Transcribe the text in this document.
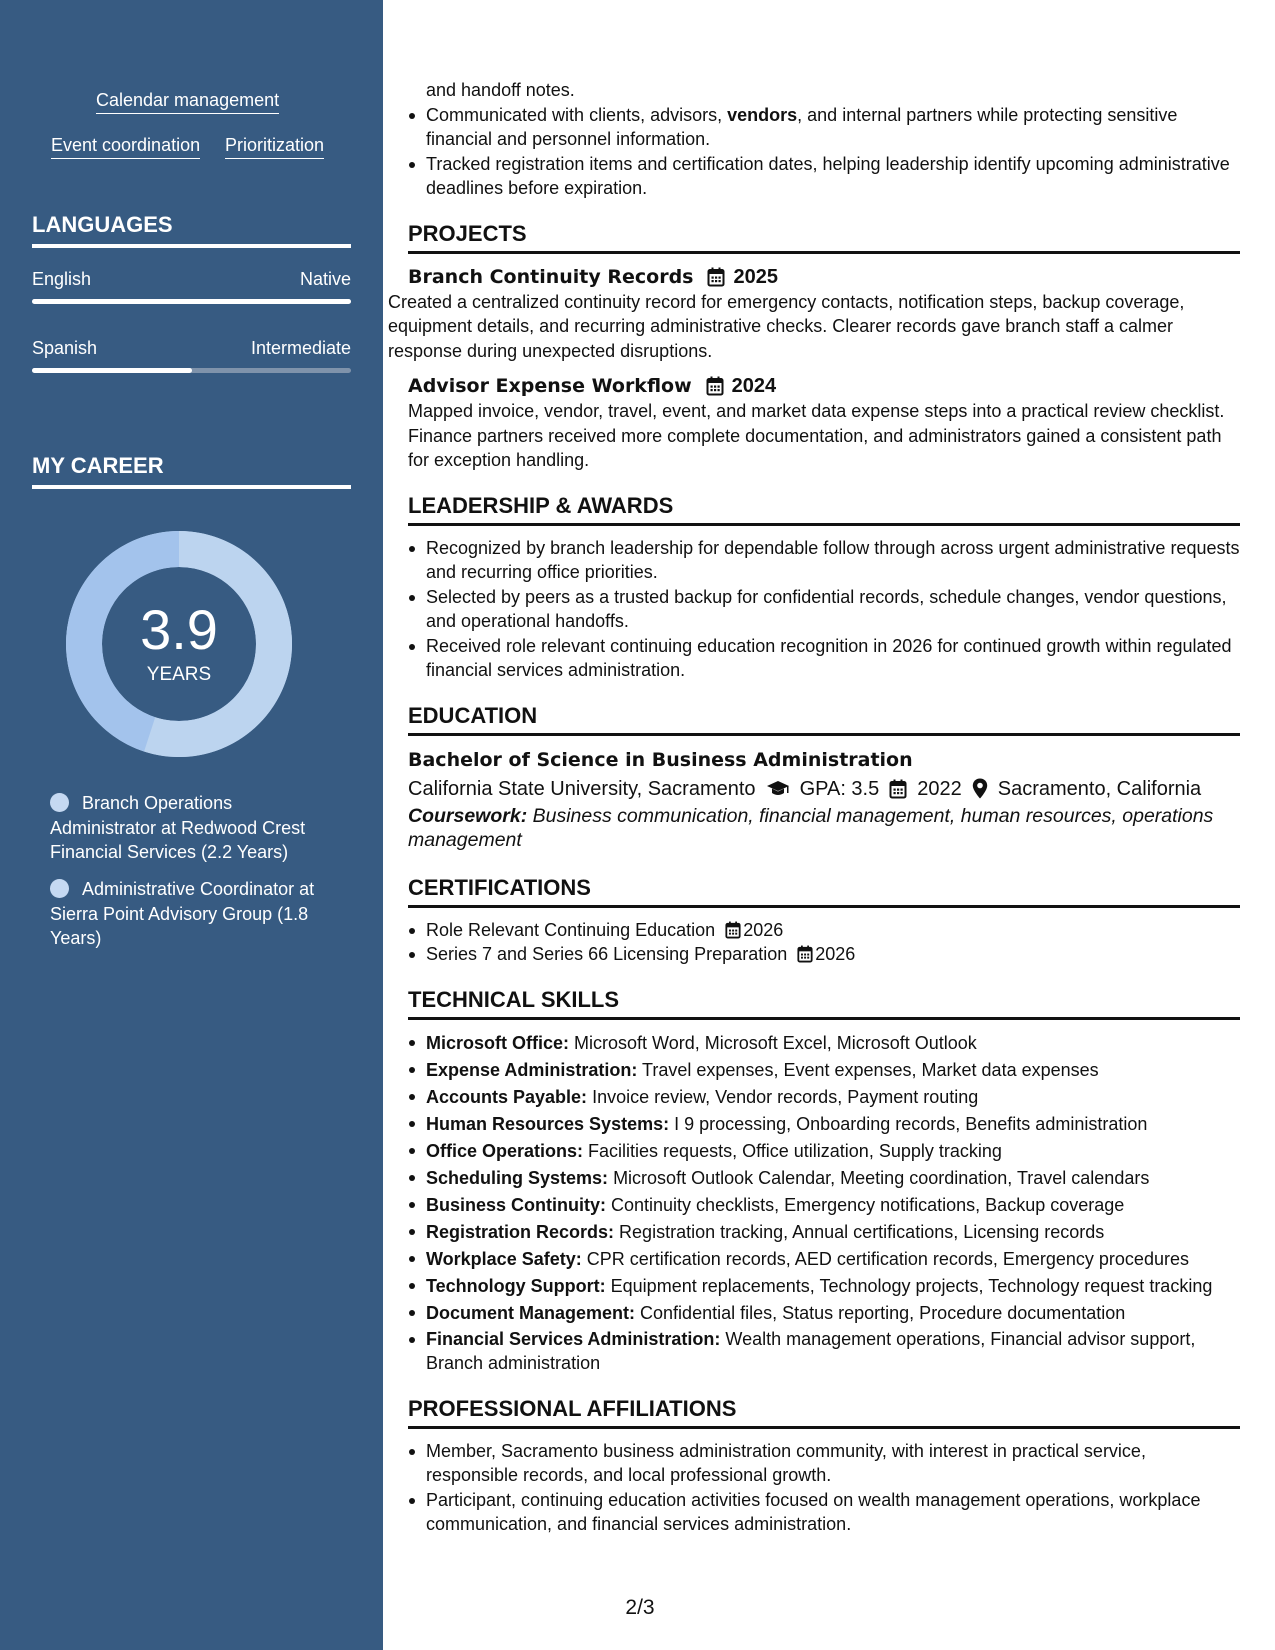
Calendar management
Event coordination Prioritization
LANGUAGES
English	Native
Spanish	Intermediate
MY CAREER
3.9
YEARS
Branch Operations Administrator at Redwood Crest Financial Services (2.2 Years)
Administrative Coordinator at Sierra Point Advisory Group (1.8 Years)
and handoff notes.
Communicated with clients, advisors, vendors, and internal partners while protecting sensitive financial and personnel information.
Tracked registration items and certification dates, helping leadership identify upcoming administrative deadlines before expiration.
PROJECTS
Branch Continuity Records 2025
Created a centralized continuity record for emergency contacts, notification steps, backup coverage, equipment details, and recurring administrative checks. Clearer records gave branch staff a calmer response during unexpected disruptions.
Advisor Expense Workflow 2024
Mapped invoice, vendor, travel, event, and market data expense steps into a practical review checklist. Finance partners received more complete documentation, and administrators gained a consistent path for exception handling.
LEADERSHIP & AWARDS
Recognized by branch leadership for dependable follow through across urgent administrative requests and recurring office priorities.
Selected by peers as a trusted backup for confidential records, schedule changes, vendor questions, and operational handoffs.
Received role relevant continuing education recognition in 2026 for continued growth within regulated financial services administration.
EDUCATION
Bachelor of Science in Business Administration
California State University, Sacramento GPA: 3.5 2022 Sacramento, California
Coursework: Business communication, financial management, human resources, operations management
CERTIFICATIONS
Role Relevant Continuing Education 2026
Series 7 and Series 66 Licensing Preparation 2026
TECHNICAL SKILLS
Microsoft Office: Microsoft Word, Microsoft Excel, Microsoft Outlook
Expense Administration: Travel expenses, Event expenses, Market data expenses
Accounts Payable: Invoice review, Vendor records, Payment routing
Human Resources Systems: I 9 processing, Onboarding records, Benefits administration
Office Operations: Facilities requests, Office utilization, Supply tracking
Scheduling Systems: Microsoft Outlook Calendar, Meeting coordination, Travel calendars
Business Continuity: Continuity checklists, Emergency notifications, Backup coverage
Registration Records: Registration tracking, Annual certifications, Licensing records
Workplace Safety: CPR certification records, AED certification records, Emergency procedures
Technology Support: Equipment replacements, Technology projects, Technology request tracking
Document Management: Confidential files, Status reporting, Procedure documentation
Financial Services Administration: Wealth management operations, Financial advisor support, Branch administration
PROFESSIONAL AFFILIATIONS
Member, Sacramento business administration community, with interest in practical service, responsible records, and local professional growth.
Participant, continuing education activities focused on wealth management operations, workplace communication, and financial services administration.
2/3
